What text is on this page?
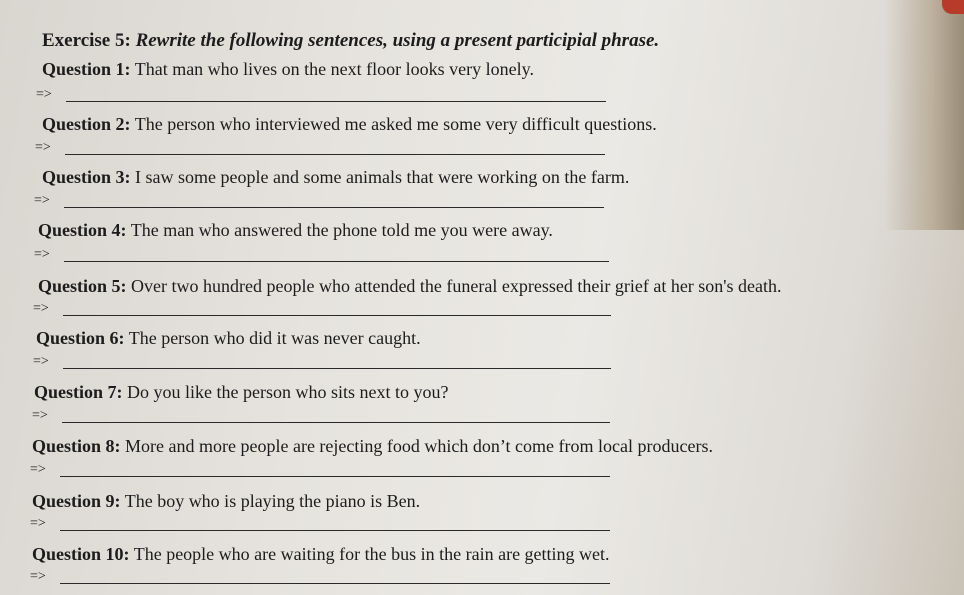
Exercise 5: Rewrite the following sentences, using a present participial phrase.
Question 1: That man who lives on the next floor looks very lonely.
=>
Question 2: The person who interviewed me asked me some very difficult questions.
=>
Question 3: I saw some people and some animals that were working on the farm.
=>
Question 4: The man who answered the phone told me you were away.
=>
Question 5: Over two hundred people who attended the funeral expressed their grief at her son's death.
=>
Question 6: The person who did it was never caught.
=>
Question 7: Do you like the person who sits next to you?
=>
Question 8: More and more people are rejecting food which don’t come from local producers.
=>
Question 9: The boy who is playing the piano is Ben.
=>
Question 10: The people who are waiting for the bus in the rain are getting wet.
=>
